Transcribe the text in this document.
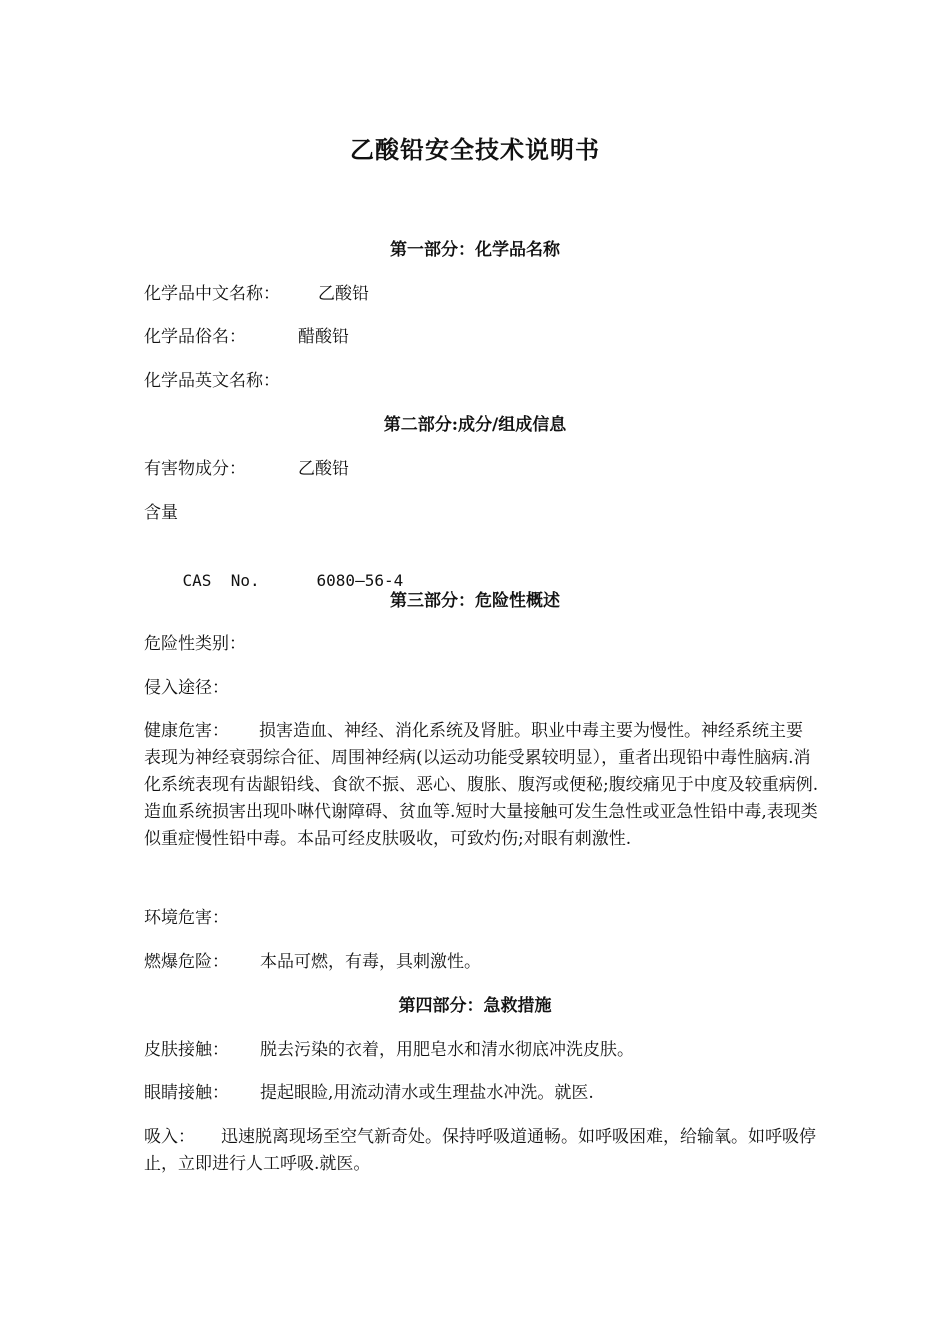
乙酸铅安全技术说明书
第一部分：化学品名称
化学品中文名称： 乙酸铅
化学品俗名：	醋酸铅
化学品英文名称：
第二部分:成分/组成信息
有害物成分：	乙酸铅
含量

CAS  No.	6080—56-4

第三部分：危险性概述
危险性类别：
侵入途径：
健康危害： 损害造血、神经、消化系统及肾脏。职业中毒主要为慢性。神经系统主要表现为神经衰弱综合征、周围神经病(以运动功能受累较明显），重者出现铅中毒性脑病.消化系统表现有齿龈铅线、食欲不振、恶心、腹胀、腹泻或便秘;腹绞痛见于中度及较重病例.造血系统损害出现卟啉代谢障碍、贫血等.短时大量接触可发生急性或亚急性铅中毒,表现类似重症慢性铅中毒。本品可经皮肤吸收，可致灼伤;对眼有刺激性.
环境危害：
燃爆危险： 本品可燃，有毒，具刺激性。
第四部分：急救措施
皮肤接触： 脱去污染的衣着，用肥皂水和清水彻底冲洗皮肤。
眼睛接触： 提起眼睑,用流动清水或生理盐水冲洗。就医.
吸入： 迅速脱离现场至空气新奇处。保持呼吸道通畅。如呼吸困难，给输氧。如呼吸停止，立即进行人工呼吸.就医。
